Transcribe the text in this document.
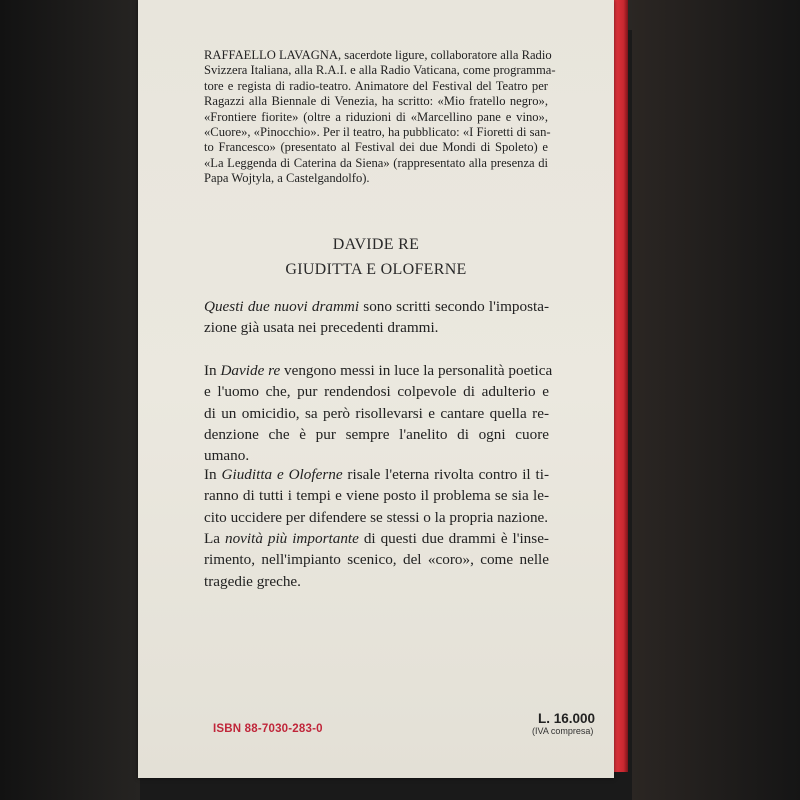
RAFFAELLO LAVAGNA, sacerdote ligure, collaboratore alla Radio
Svizzera Italiana, alla R.A.I. e alla Radio Vaticana, come programma-
tore e regista di radio-teatro. Animatore del Festival del Teatro per
Ragazzi alla Biennale di Venezia, ha scritto: «Mio fratello negro»,
«Frontiere fiorite» (oltre a riduzioni di «Marcellino pane e vino»,
«Cuore», «Pinocchio». Per il teatro, ha pubblicato: «I Fioretti di san-
to Francesco» (presentato al Festival dei due Mondi di Spoleto) e
«La Leggenda di Caterina da Siena» (rappresentato alla presenza di
Papa Wojtyla, a Castelgandolfo).
DAVIDE RE
GIUDITTA E OLOFERNE
Questi due nuovi drammi sono scritti secondo l'imposta-
zione già usata nei precedenti drammi.
In Davide re vengono messi in luce la personalità poetica
e l'uomo che, pur rendendosi colpevole di adulterio e
di un omicidio, sa però risollevarsi e cantare quella re-
denzione che è pur sempre l'anelito di ogni cuore
umano.
In Giuditta e Oloferne risale l'eterna rivolta contro il ti-
ranno di tutti i tempi e viene posto il problema se sia le-
cito uccidere per difendere se stessi o la propria nazione.
La novità più importante di questi due drammi è l'inse-
rimento, nell'impianto scenico, del «coro», come nelle
tragedie greche.
ISBN 88-7030-283-0
L. 16.000
(IVA compresa)
